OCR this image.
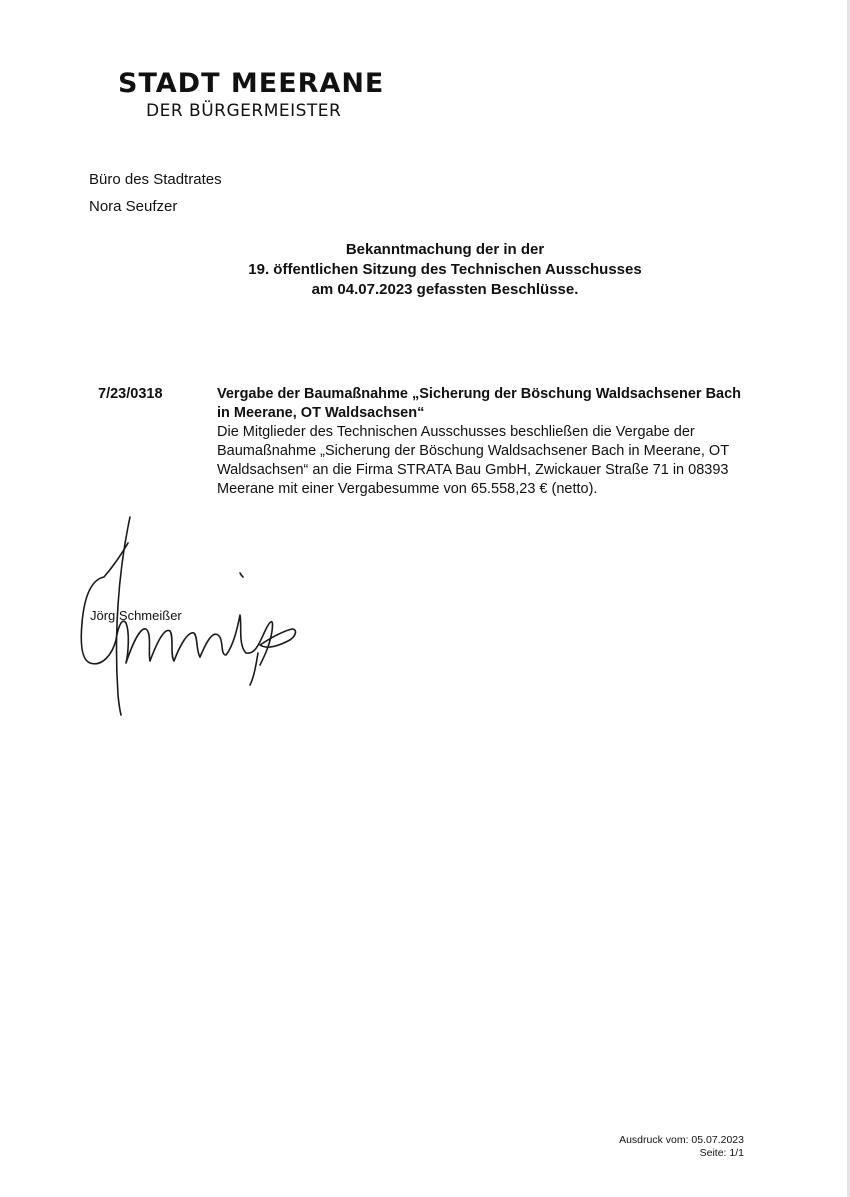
STADT MEERANE
DER BÜRGERMEISTER
Büro des Stadtrates
Nora Seufzer
Bekanntmachung der in der
19. öffentlichen Sitzung des Technischen Ausschusses
am 04.07.2023 gefassten Beschlüsse.
7/23/0318	Vergabe der Baumaßnahme „Sicherung der Böschung Waldsachsener Bach in Meerane, OT Waldsachsen“
Die Mitglieder des Technischen Ausschusses beschließen die Vergabe der Baumaßnahme „Sicherung der Böschung Waldsachsener Bach in Meerane, OT Waldsachsen“ an die Firma STRATA Bau GmbH, Zwickauer Straße 71 in 08393 Meerane mit einer Vergabesumme von 65.558,23 € (netto).
Jörg Schmeißer
Ausdruck vom: 05.07.2023
Seite: 1/1
